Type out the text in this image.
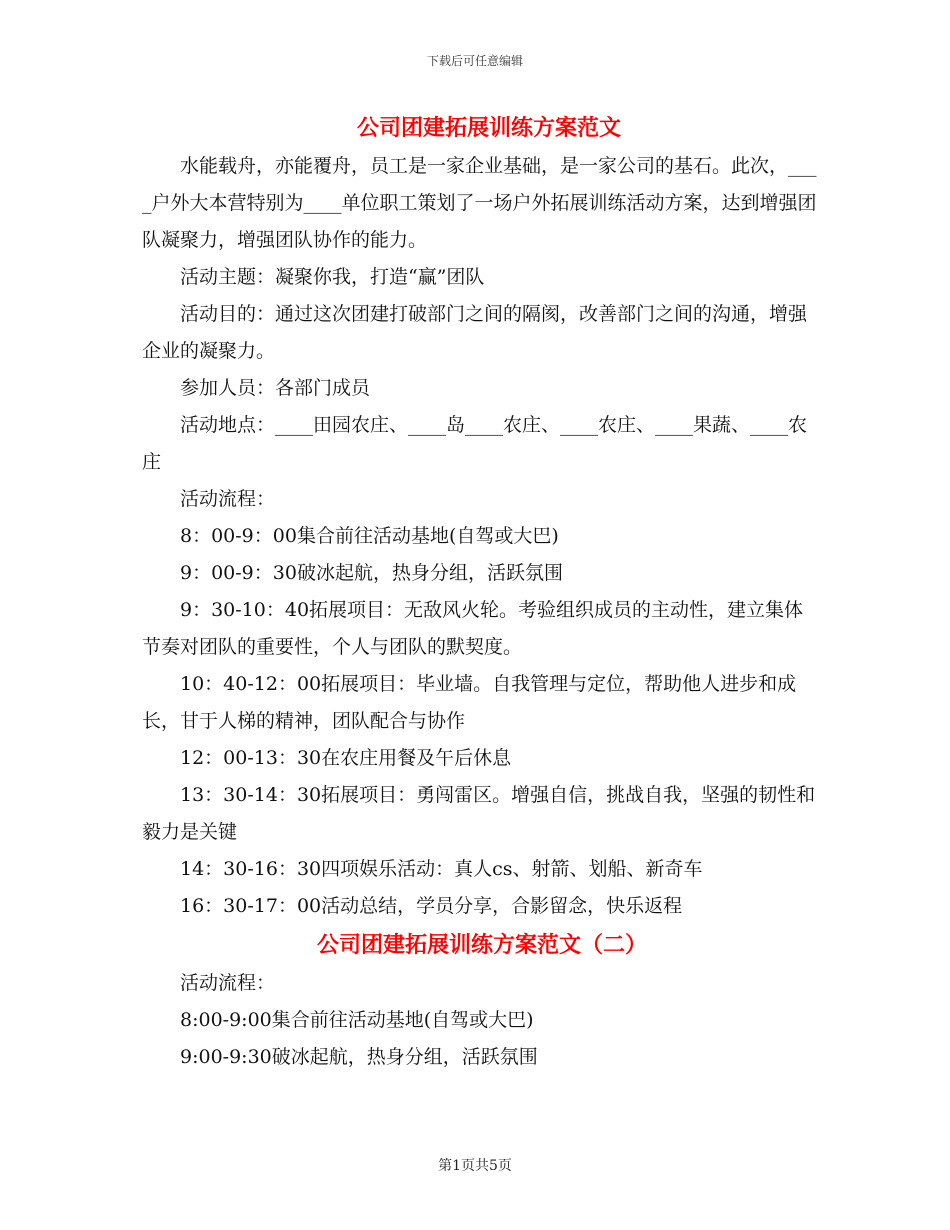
下载后可任意编辑
公司团建拓展训练方案范文

水能载舟，亦能覆舟，员工是一家企业基础，是一家公司的基石。此次，____户外大本营特别为____单位职工策划了一场户外拓展训练活动方案，达到增强团队凝聚力，增强团队协作的能力。

活动主题：凝聚你我，打造“赢”团队

活动目的：通过这次团建打破部门之间的隔阂，改善部门之间的沟通，增强企业的凝聚力。

参加人员：各部门成员

活动地点：____田园农庄、____岛____农庄、____农庄、____果蔬、____农庄

活动流程：

8：00-9：00集合前往活动基地(自驾或大巴)

9：00-9：30破冰起航，热身分组，活跃氛围

9：30-10：40拓展项目：无敌风火轮。考验组织成员的主动性，建立集体节奏对团队的重要性，个人与团队的默契度。

10：40-12：00拓展项目：毕业墙。自我管理与定位，帮助他人进步和成长，甘于人梯的精神，团队配合与协作

12：00-13：30在农庄用餐及午后休息

13：30-14：30拓展项目：勇闯雷区。增强自信，挑战自我，坚强的韧性和毅力是关键

14：30-16：30四项娱乐活动：真人cs、射箭、划船、新奇车

16：30-17：00活动总结，学员分享，合影留念，快乐返程

公司团建拓展训练方案范文（二）

活动流程：

8:00-9:00集合前往活动基地(自驾或大巴)

9:00-9:30破冰起航，热身分组，活跃氛围

第1页共5页
